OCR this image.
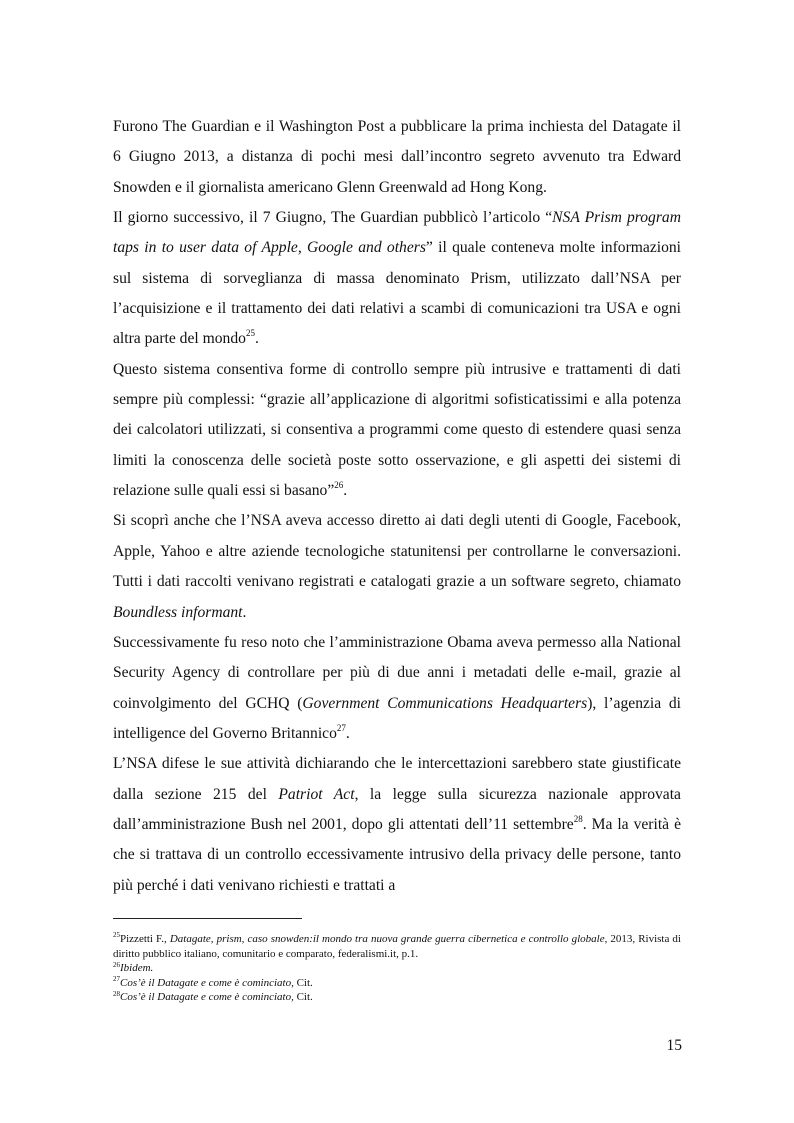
Furono The Guardian e il Washington Post a pubblicare la prima inchiesta del Datagate il 6 Giugno 2013, a distanza di pochi mesi dall’incontro segreto avvenuto tra Edward Snowden e il giornalista americano Glenn Greenwald ad Hong Kong.

Il giorno successivo, il 7 Giugno, The Guardian pubblicò l’articolo “NSA Prism program taps in to user data of Apple, Google and others” il quale conteneva molte informazioni sul sistema di sorveglianza di massa denominato Prism, utilizzato dall’NSA per l’acquisizione e il trattamento dei dati relativi a scambi di comunicazioni tra USA e ogni altra parte del mondo$^{25}$.

Questo sistema consentiva forme di controllo sempre più intrusive e trattamenti di dati sempre più complessi: “grazie all’applicazione di algoritmi sofisticatissimi e alla potenza dei calcolatori utilizzati, si consentiva a programmi come questo di estendere quasi senza limiti la conoscenza delle società poste sotto osservazione, e gli aspetti dei sistemi di relazione sulle quali essi si basano”$^{26}$.

Si scoprì anche che l’NSA aveva accesso diretto ai dati degli utenti di Google, Facebook, Apple, Yahoo e altre aziende tecnologiche statunitensi per controllarne le conversazioni. Tutti i dati raccolti venivano registrati e catalogati grazie a un software segreto, chiamato Boundless informant.

Successivamente fu reso noto che l’amministrazione Obama aveva permesso alla National Security Agency di controllare per più di due anni i metadati delle e-mail, grazie al coinvolgimento del GCHQ (Government Communications Headquarters), l’agenzia di intelligence del Governo Britannico$^{27}$.

L’NSA difese le sue attività dichiarando che le intercettazioni sarebbero state giustificate dalla sezione 215 del Patriot Act, la legge sulla sicurezza nazionale approvata dall’amministrazione Bush nel 2001, dopo gli attentati dell’11 settembre$^{28}$. Ma la verità è che si trattava di un controllo eccessivamente intrusivo della privacy delle persone, tanto più perché i dati venivano richiesti e trattati a

$^{25}$Pizzetti F., Datagate, prism, caso snowden:il mondo tra nuova grande guerra cibernetica e controllo globale, 2013, Rivista di diritto pubblico italiano, comunitario e comparato, federalismi.it, p.1.

$^{26}$Ibidem.

$^{27}$Cos’è il Datagate e come è cominciato, Cit.

$^{28}$Cos’è il Datagate e come è cominciato, Cit.

15
